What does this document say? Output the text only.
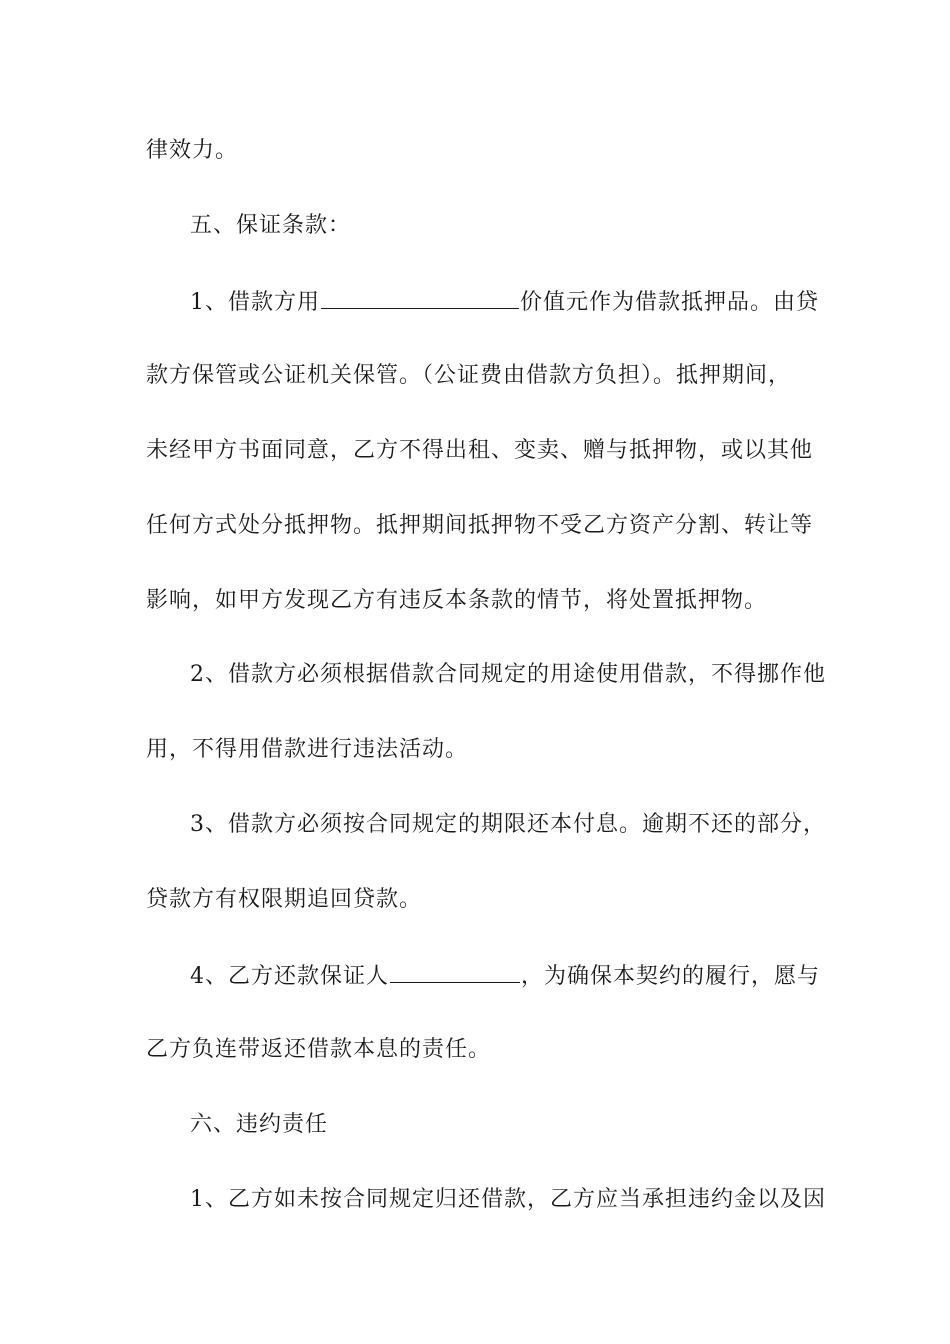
律效力。
五、保证条款：
1、借款方用	价值元作为借款抵押品。由贷
款方保管或公证机关保管。（公证费由借款方负担）。抵押期间，
未经甲方书面同意，乙方不得出租、变卖、赠与抵押物，或以其他
任何方式处分抵押物。抵押期间抵押物不受乙方资产分割、转让等
影响，如甲方发现乙方有违反本条款的情节，将处置抵押物。
2、借款方必须根据借款合同规定的用途使用借款，不得挪作他
用，不得用借款进行违法活动。
3、借款方必须按合同规定的期限还本付息。逾期不还的部分，
贷款方有权限期追回贷款。
4、乙方还款保证人	，为确保本契约的履行，愿与
乙方负连带返还借款本息的责任。
六、违约责任
1、乙方如未按合同规定归还借款，乙方应当承担违约金以及因
